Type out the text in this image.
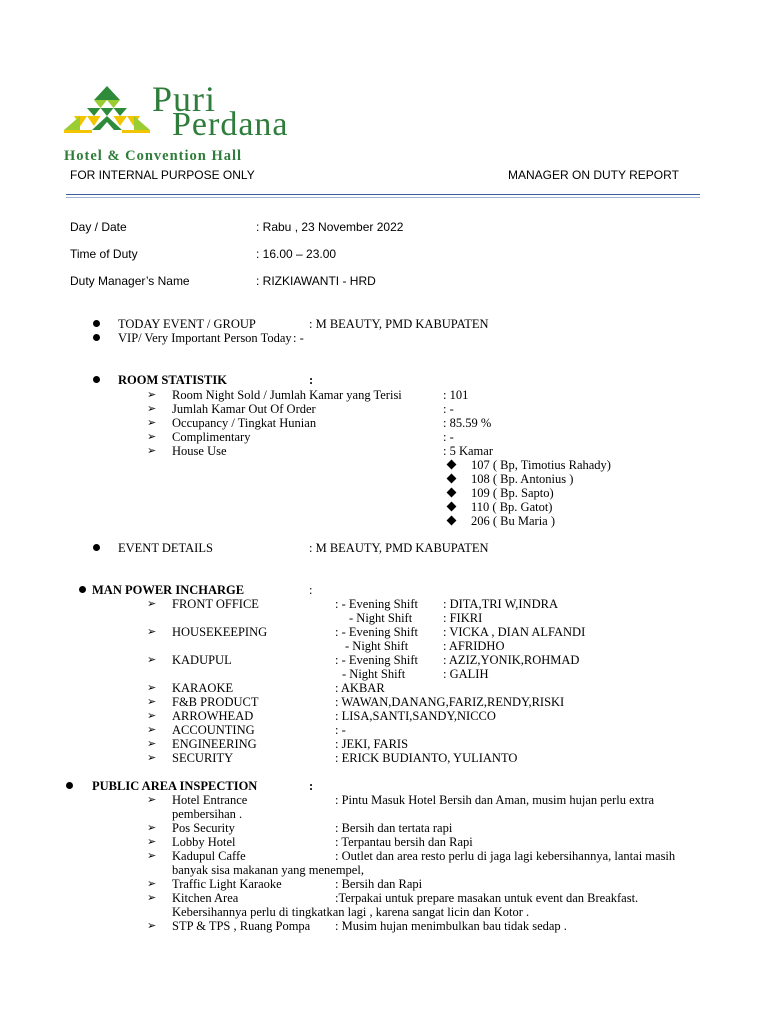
Puri
Perdana
Hotel & Convention Hall
FOR INTERNAL PURPOSE ONLY	MANAGER ON DUTY REPORT
Day / Date	: Rabu , 23 November 2022
Time of Duty	: 16.00 – 23.00
Duty Manager’s Name	: RIZKIAWANTI - HRD
TODAY EVENT / GROUP	: M BEAUTY, PMD KABUPATEN
VIP/ Very Important Person Today : -
ROOM STATISTIK	:
➢ Room Night Sold / Jumlah Kamar yang Terisi	: 101
➢ Jumlah Kamar Out Of Order	: -
➢ Occupancy / Tingkat Hunian	: 85.59 %
➢ Complimentary	: -
➢ House Use	: 5 Kamar
107 ( Bp, Timotius Rahady)
108 ( Bp. Antonius )
109 ( Bp. Sapto)
110 ( Bp. Gatot)
206 ( Bu Maria )
EVENT DETAILS	: M BEAUTY, PMD KABUPATEN
MAN POWER INCHARGE	:
➢ FRONT OFFICE	: - Evening Shift : DITA,TRI W,INDRA
- Night Shift : FIKRI
➢ HOUSEKEEPING	: - Evening Shift : VICKA , DIAN ALFANDI
- Night Shift	: AFRIDHO
➢ KADUPUL	: - Evening Shift : AZIZ,YONIK,ROHMAD
- Night Shift	: GALIH
➢ KARAOKE	: AKBAR
➢ F&B PRODUCT	: WAWAN,DANANG,FARIZ,RENDY,RISKI
➢ ARROWHEAD	: LISA,SANTI,SANDY,NICCO
➢ ACCOUNTING	: -
➢ ENGINEERING	: JEKI, FARIS
➢ SECURITY	: ERICK BUDIANTO, YULIANTO
PUBLIC AREA INSPECTION	:
➢ Hotel Entrance	: Pintu Masuk Hotel Bersih dan Aman, musim hujan perlu extra
pembersihan .
➢ Pos Security	: Bersih dan tertata rapi
➢ Lobby Hotel	: Terpantau bersih dan Rapi
➢ Kadupul Caffe	: Outlet dan area resto perlu di jaga lagi kebersihannya, lantai masih
banyak sisa makanan yang menempel,
➢ Traffic Light Karaoke	: Bersih dan Rapi
➢ Kitchen Area	:Terpakai untuk prepare masakan untuk event dan Breakfast.
Kebersihannya perlu di tingkatkan lagi , karena sangat licin dan Kotor .
➢ STP & TPS , Ruang Pompa : Musim hujan menimbulkan bau tidak sedap .
